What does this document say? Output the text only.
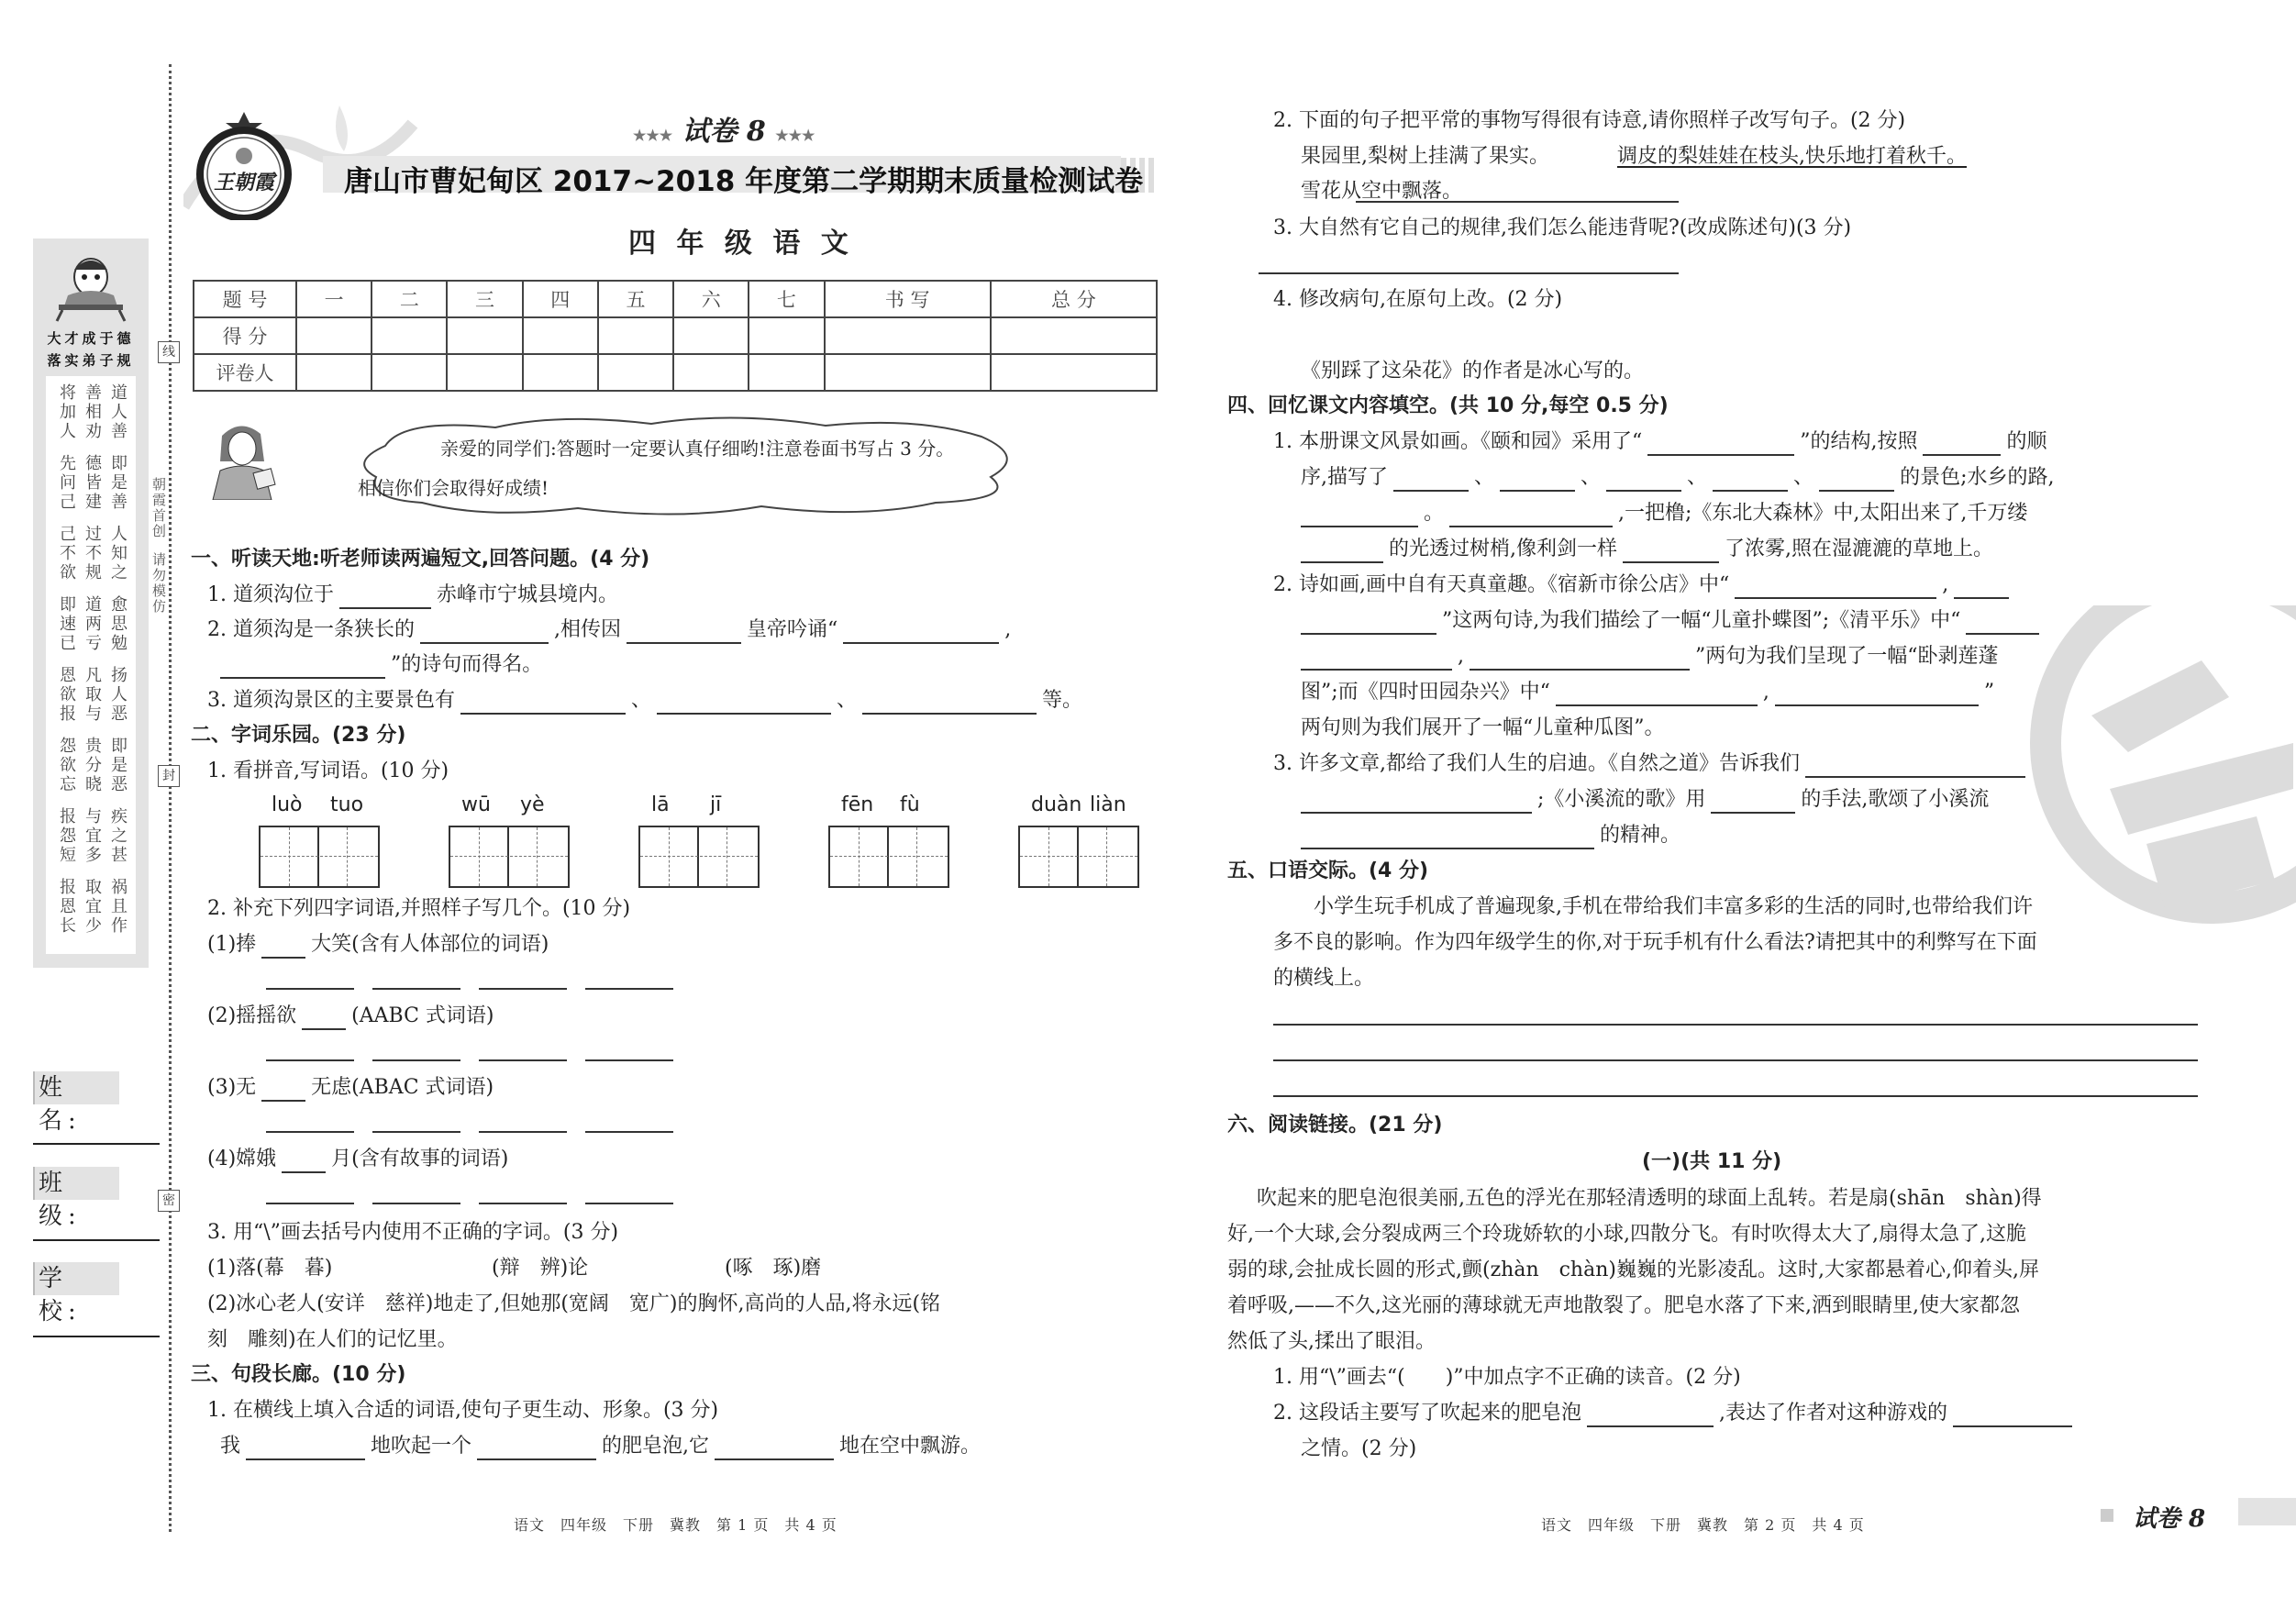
大才成于德
落实弟子规
将加人 善相劝 道人善
先问己 德皆建 即是善
己不欲 过不规 人知之
即速已 道两亏 愈思勉
恩欲报 凡取与 扬人恶
怨欲忘 贵分晓 即是恶
报怨短 与宜多 疾之甚
报恩长 取宜少 祸且作
线
封
密
朝霞首创
请勿模仿
姓 名:
班 级:
学 校:
王朝霞
★★★ 试卷 8 ★★★
唐山市曹妃甸区 2017~2018 年度第二学期期末质量检测试卷
四 年 级 语 文
题 号	一	二	三	四	五	六	七	书 写	总 分
得 分									
评卷人									
亲爱的同学们:答题时一定要认真仔细哟!注意卷面书写占 3 分。
相信你们会取得好成绩!
一、听读天地:听老师读两遍短文,回答问题。(4 分)
1. 道须沟位于	赤峰市宁城县境内。
2. 道须沟是一条狭长的	,相传因	皇帝吟诵“	,
”的诗句而得名。
3. 道须沟景区的主要景色有	、	、	等。
二、字词乐园。(23 分)
1. 看拼音,写词语。(10 分)
luò tuo	wū yè	lā jī	fēn fù	duàn liàn
2. 补充下列四字词语,并照样子写几个。(10 分)
(1)捧	大笑(含有人体部位的词语)
(2)摇摇欲	(AABC 式词语)
(3)无	无虑(ABAC 式词语)
(4)嫦娥	月(含有故事的词语)
3. 用“\”画去括号内使用不正确的字词。(3 分)
(1)落(幕　暮)	(辩　辨)论	(啄　琢)磨
(2)冰心老人(安详　慈祥)地走了,但她那(宽阔　宽广)的胸怀,高尚的人品,将永远(铭
刻　雕刻)在人们的记忆里。
三、句段长廊。(10 分)
1. 在横线上填入合适的词语,使句子更生动、形象。(3 分)
我	地吹起一个	的肥皂泡,它	地在空中飘游。
语文　四年级　下册　冀教　第 1 页　共 4 页
2. 下面的句子把平常的事物写得很有诗意,请你照样子改写句子。(2 分)
果园里,梨树上挂满了果实。	调皮的梨娃娃在枝头,快乐地打着秋千。
雪花从空中飘落。
3. 大自然有它自己的规律,我们怎么能违背呢?(改成陈述句)(3 分)
4. 修改病句,在原句上改。(2 分)
《别踩了这朵花》的作者是冰心写的。
四、回忆课文内容填空。(共 10 分,每空 0.5 分)
1. 本册课文风景如画。《颐和园》采用了“	”的结构,按照	的顺
序,描写了	、	、	、	、	的景色;水乡的路,
。	,一把橹;《东北大森林》中,太阳出来了,千万缕
的光透过树梢,像利剑一样	了浓雾,照在湿漉漉的草地上。
2. 诗如画,画中自有天真童趣。《宿新市徐公店》中“	,
”这两句诗,为我们描绘了一幅“儿童扑蝶图”;《清平乐》中“
,	”两句为我们呈现了一幅“卧剥莲蓬
图”;而《四时田园杂兴》中“	,	”
两句则为我们展开了一幅“儿童种瓜图”。
3. 许多文章,都给了我们人生的启迪。《自然之道》告诉我们
;《小溪流的歌》用	的手法,歌颂了小溪流
的精神。
五、口语交际。(4 分)
小学生玩手机成了普遍现象,手机在带给我们丰富多彩的生活的同时,也带给我们许
多不良的影响。作为四年级学生的你,对于玩手机有什么看法?请把其中的利弊写在下面
的横线上。
六、阅读链接。(21 分)
(一)(共 11 分)
吹起来的肥皂泡很美丽,五色的浮光在那轻清透明的球面上乱转。若是扇(shān　shàn)得
好,一个大球,会分裂成两三个玲珑娇软的小球,四散分飞。有时吹得太大了,扇得太急了,这脆
弱的球,会扯成长圆的形式,颤(zhàn　chàn)巍巍的光影凌乱。这时,大家都悬着心,仰着头,屏
着呼吸,——不久,这光丽的薄球就无声地散裂了。肥皂水落了下来,洒到眼睛里,使大家都忽
然低了头,揉出了眼泪。
1. 用“\”画去“(　　)”中加点字不正确的读音。(2 分)
2. 这段话主要写了吹起来的肥皂泡	,表达了作者对这种游戏的
之情。(2 分)
语文　四年级　下册　冀教　第 2 页　共 4 页	试卷 8
